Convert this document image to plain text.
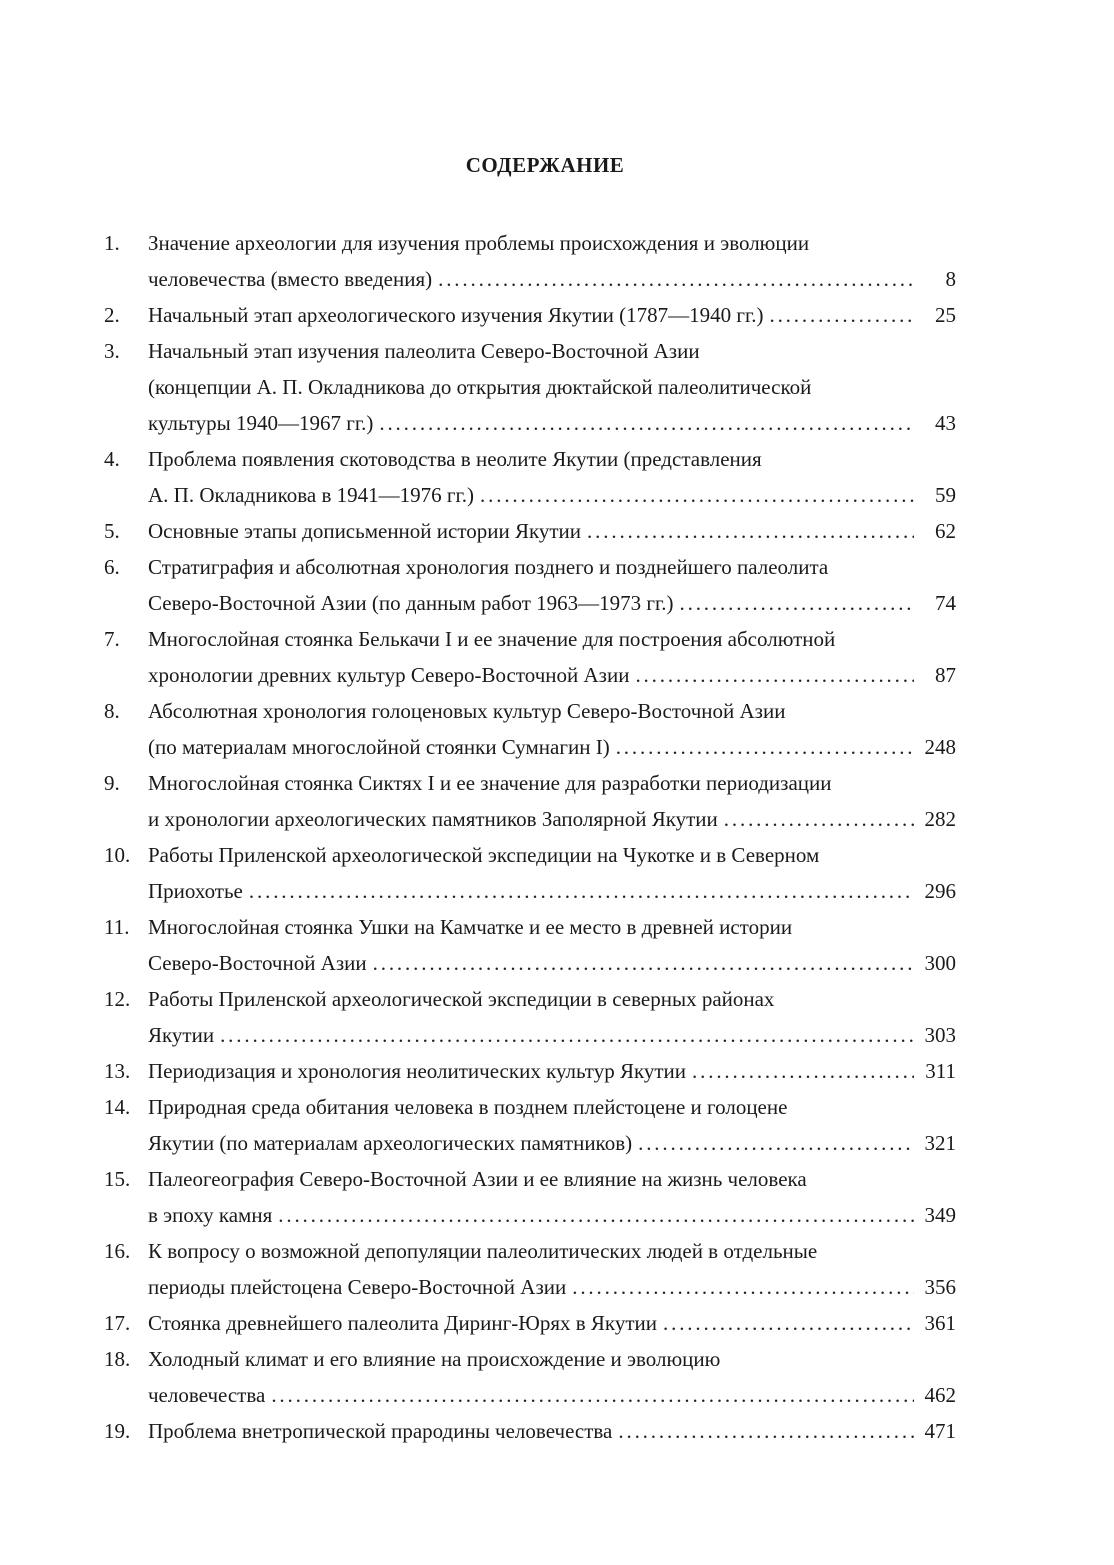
СОДЕРЖАНИЕ
1.	Значение археологии для изучения проблемы происхождения и эволюции
человечества (вместо введения) . . .	8
2.	Начальный этап археологического изучения Якутии (1787—1940 гг.) . . .	25
3.	Начальный этап изучения палеолита Северо-Восточной Азии
(концепции А. П. Окладникова до открытия дюктайской палеолитической
культуры 1940—1967 гг.) . . .	43
4.	Проблема появления скотоводства в неолите Якутии (представления
А. П. Окладникова в 1941—1976 гг.) . . .	59
5.	Основные этапы дописьменной истории Якутии . . .	62
6.	Стратиграфия и абсолютная хронология позднего и позднейшего палеолита
Северо-Восточной Азии (по данным работ 1963—1973 гг.) . . .	74
7.	Многослойная стоянка Белькачи I и ее значение для построения абсолютной
хронологии древних культур Северо-Восточной Азии . . .	87
8.	Абсолютная хронология голоценовых культур Северо-Восточной Азии
(по материалам многослойной стоянки Сумнагин I) . . .	248
9.	Многослойная стоянка Сиктях I и ее значение для разработки периодизации
и хронологии археологических памятников Заполярной Якутии . . .	282
10. Работы Приленской археологической экспедиции на Чукотке и в Северном
Приохотье . . .	296
11. Многослойная стоянка Ушки на Камчатке и ее место в древней истории
Северо-Восточной Азии . . .	300
12. Работы Приленской археологической экспедиции в северных районах
Якутии . . .	303
13. Периодизация и хронология неолитических культур Якутии . . .	311
14. Природная среда обитания человека в позднем плейстоцене и голоцене
Якутии (по материалам археологических памятников) . . .	321
15. Палеогеография Северо-Восточной Азии и ее влияние на жизнь человека
в эпоху камня . . .	349
16. К вопросу о возможной депопуляции палеолитических людей в отдельные
периоды плейстоцена Северо-Восточной Азии . . .	356
17. Стоянка древнейшего палеолита Диринг-Юрях в Якутии . . .	361
18. Холодный климат и его влияние на происхождение и эволюцию
человечества . . .	462
19. Проблема внетропической прародины человечества . . .	471
